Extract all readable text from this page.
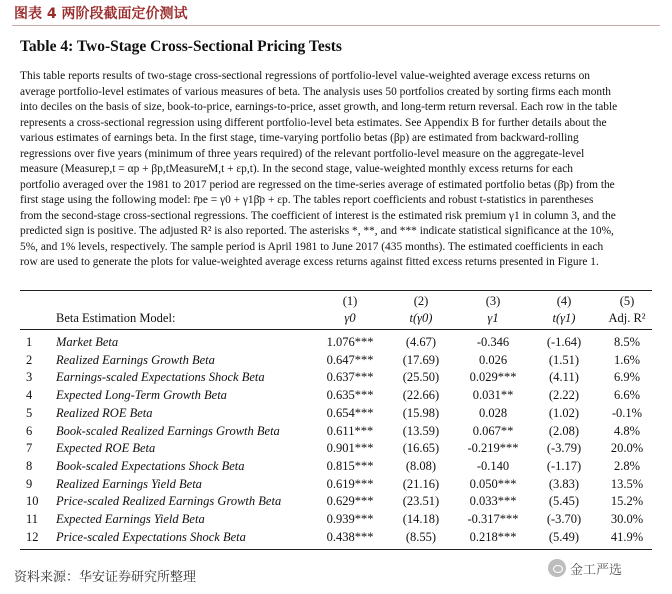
图表 4 两阶段截面定价测试
Table 4: Two-Stage Cross-Sectional Pricing Tests
This table reports results of two-stage cross-sectional regressions of portfolio-level value-weighted average excess returns on
average portfolio-level estimates of various measures of beta. The analysis uses 50 portfolios created by sorting firms each month
into deciles on the basis of size, book-to-price, earnings-to-price, asset growth, and long-term return reversal. Each row in the table
represents a cross-sectional regression using different portfolio-level beta estimates. See Appendix B for further details about the
various estimates of earnings beta. In the first stage, time-varying portfolio betas (βp) are estimated from backward-rolling
regressions over five years (minimum of three years required) of the relevant portfolio-level measure on the aggregate-level
measure (Measurep,t = αp + βp,tMeasureM,t + εp,t). In the second stage, value-weighted monthly excess returns for each
portfolio averaged over the 1981 to 2017 period are regressed on the time-series average of estimated portfolio betas (β̄p) from the
first stage using the following model: r̄pe = γ0 + γ1β̄p + εp. The tables report coefficients and robust t-statistics in parentheses
from the second-stage cross-sectional regressions. The coefficient of interest is the estimated risk premium γ1 in column 3, and the
predicted sign is positive. The adjusted R² is also reported. The asterisks *, **, and *** indicate statistical significance at the 10%,
5%, and 1% levels, respectively. The sample period is April 1981 to June 2017 (435 months). The estimated coefficients in each
row are used to generate the plots for value-weighted average excess returns against fitted excess returns presented in Figure 1.
(1)	(2)	(3)	(4)	(5)
Beta Estimation Model:	γ0	t(γ0)	γ1	t(γ1)	Adj. R²
1 Market Beta	1.076***	(4.67)	-0.346	(-1.64)	8.5%
2 Realized Earnings Growth Beta	0.647***	(17.69)	0.026	(1.51)	1.6%
3 Earnings-scaled Expectations Shock Beta	0.637***	(25.50)	0.029***	(4.11)	6.9%
4 Expected Long-Term Growth Beta	0.635***	(22.66)	0.031**	(2.22)	6.6%
5 Realized ROE Beta	0.654***	(15.98)	0.028	(1.02)	-0.1%
6 Book-scaled Realized Earnings Growth Beta	0.611***	(13.59)	0.067**	(2.08)	4.8%
7 Expected ROE Beta	0.901***	(16.65)	-0.219***	(-3.79)	20.0%
8 Book-scaled Expectations Shock Beta	0.815***	(8.08)	-0.140	(-1.17)	2.8%
9 Realized Earnings Yield Beta	0.619***	(21.16)	0.050***	(3.83)	13.5%
10 Price-scaled Realized Earnings Growth Beta	0.629***	(23.51)	0.033***	(5.45)	15.2%
11 Expected Earnings Yield Beta	0.939***	(14.18)	-0.317***	(-3.70)	30.0%
12 Price-scaled Expectations Shock Beta	0.438***	(8.55)	0.218***	(5.49)	41.9%
资料来源：华安证券研究所整理	金工严选
